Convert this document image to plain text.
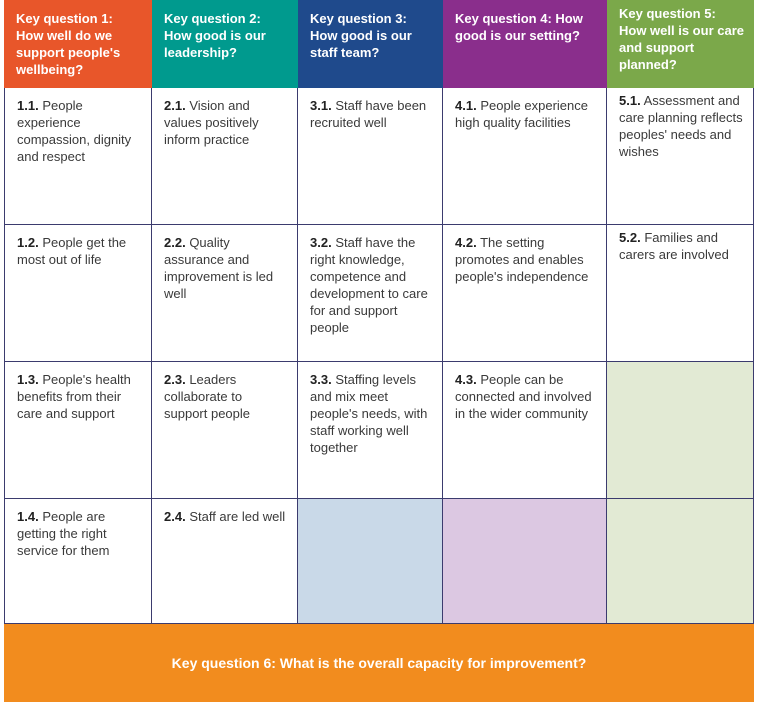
Key question 1: How well do we support people's wellbeing?
Key question 2: How good is our leadership?
Key question 3: How good is our staff team?
Key question 4: How good is our setting?
Key question 5: How well is our care and support planned?
1.1. People experience compassion, dignity and respect
2.1. Vision and values positively inform practice
3.1. Staff have been recruited well
4.1. People experience high quality facilities
5.1. Assessment and care planning reflects peoples' needs and wishes
1.2. People get the most out of life
2.2. Quality assurance and improvement is led well
3.2. Staff have the right knowledge, competence and development to care for and support people
4.2. The setting promotes and enables people's independence
5.2. Families and carers are involved
1.3. People's health benefits from their care and support
2.3. Leaders collaborate to support people
3.3. Staffing levels and mix meet people's needs, with staff working well together
4.3. People can be connected and involved in the wider community
1.4. People are getting the right service for them
2.4. Staff are led well
Key question 6: What is the overall capacity for improvement?
